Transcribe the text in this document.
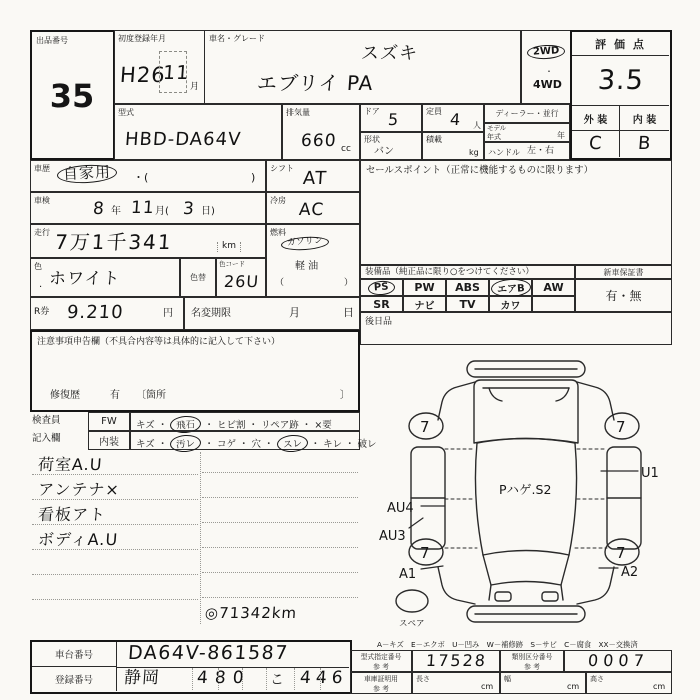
出品番号
35
初度登録年月
H26
11
月
車名・グレード
スズキ
エブリイ PA
2WD
・
4WD
評 価 点
3.5
外 装	内 装
C B
型式
HBD-DA64V
排気量
660 cc
ドア 5	定員 4 人
形状
バン
積載
kg
ディーラー・並行
モデル
年式	年
ハンドル 左・右
車歴 自家用	・(	)
シフト AT
車検 8 年 11 月( 3 日)
冷房 AC
走行 7万1千341	km
燃料
ガソリン
軽 油
（　　）
色
. ホワイト	色替
色コード
26U
R券 9.210	円 名変期限	月	日
セールスポイント（正常に機能するものに限ります）
装備品（純正品に限り○をつけてください）	新車保証書
PS	PW	ABS	エアB	AW
SR	ナビ	TV	カワ
有・無
後日品
注意事項申告欄（不具合内容等は具体的に記入して下さい）
修復歴	有 〔箇所	〕
検査員
記入欄
FW
内装
キズ ・ 飛石 ・ ヒビ割 ・ リペア跡 ・ ×要
キズ ・ 汚レ ・ コゲ ・ 穴 ・ スレ ・ キレ ・ 破レ
荷室A.U
アンテナ×
看板アト
ボディA.U
◎71342km
7	7
7	7
AU4
AU3
A1	A2
U1
Pハゲ.S2
スペア
車台番号
登録番号
DA64V-861587
静岡 480 こ 446
A－キズ　E－エクボ　U－凹み　W－補修跡　S－サビ　C－腐食　XX－交換済
型式指定番号
参 考 17528	類別区分番号
参 考	0007
車庫証明用
参 考
長さ
cm
幅
cm
高さ
cm
